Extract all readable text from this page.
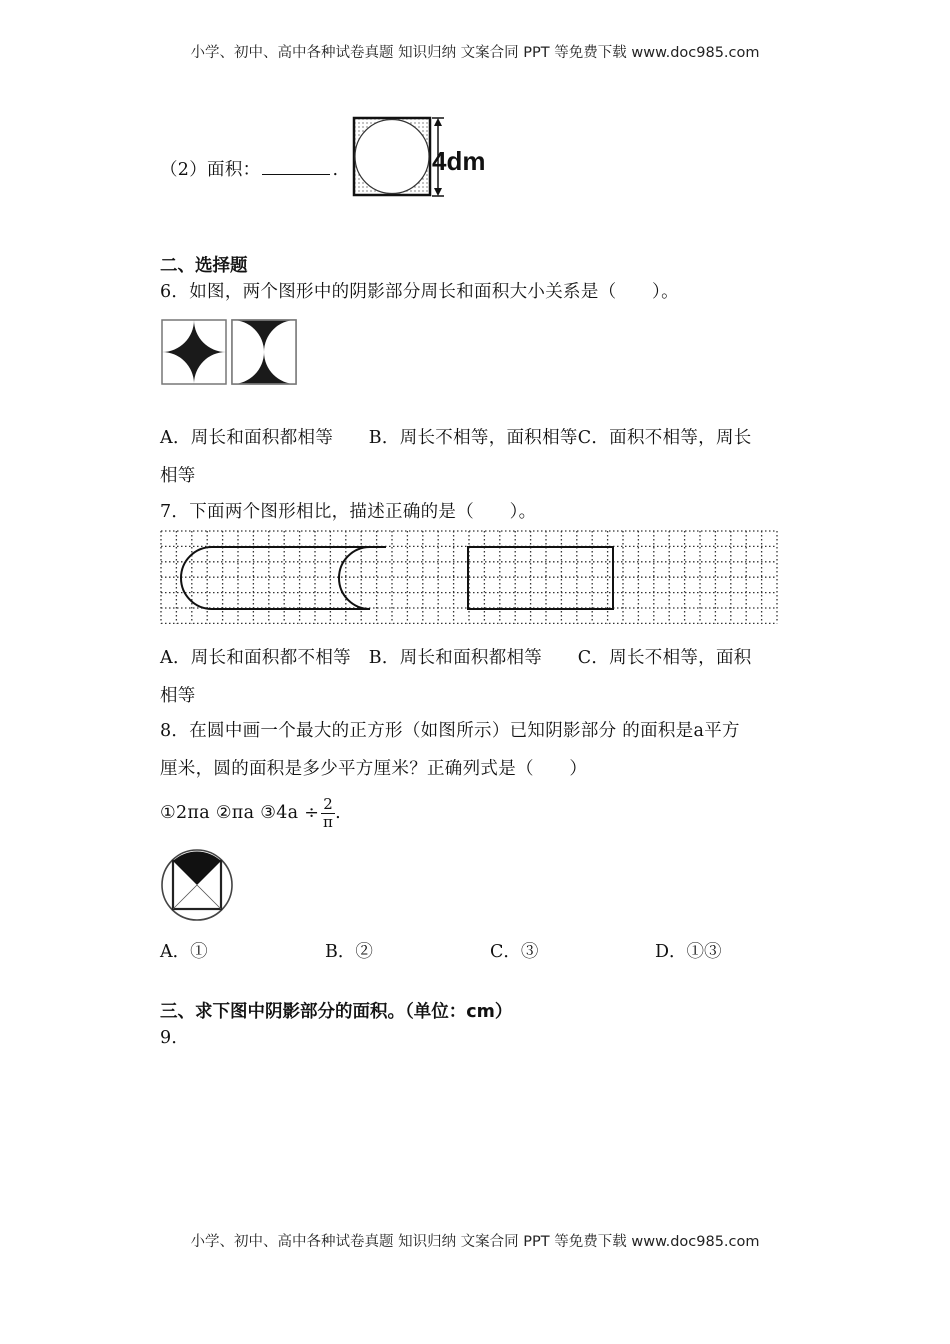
小学、初中、高中各种试卷真题 知识归纳 文案合同 PPT 等免费下载 www.doc985.com
（2）面积：	.	4dm
二、选择题
6．如图，两个图形中的阴影部分周长和面积大小关系是（　　）。
A．周长和面积都相等　　B．周长不相等，面积相等C．面积不相等，周长
相等
7．下面两个图形相比，描述正确的是（　　）。
A．周长和面积都不相等　B．周长和面积都相等　　C．周长不相等，面积
相等
8．在圆中画一个最大的正方形（如图所示）已知阴影部分 的面积是a平方
厘米，圆的面积是多少平方厘米？正确列式是（　　）
①2πa ②πa ③4a ÷ $\frac{2}{\pi}$ .
A．①	B．②	C．③	D．①③
三、求下图中阴影部分的面积。（单位：cm）
9．
小学、初中、高中各种试卷真题 知识归纳 文案合同 PPT 等免费下载 www.doc985.com
